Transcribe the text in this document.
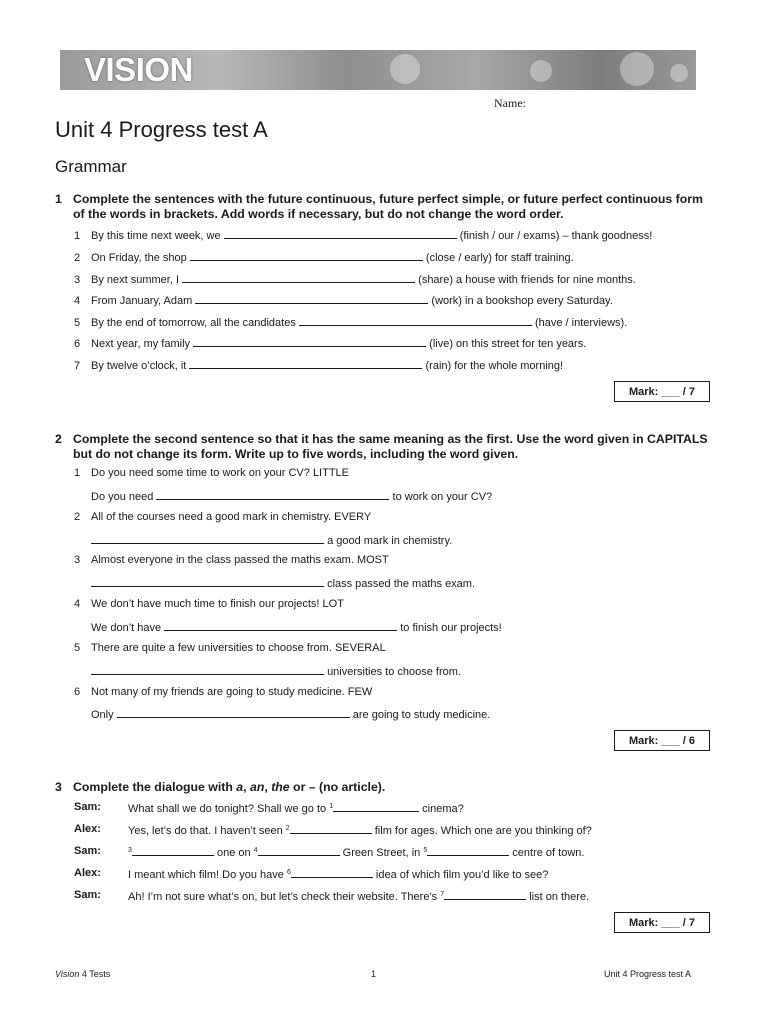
VISION
Name:
Unit 4 Progress test A
Grammar
1 Complete the sentences with the future continuous, future perfect simple, or future perfect continuous form of the words in brackets. Add words if necessary, but do not change the word order.
1 By this time next week, we	(finish / our / exams) – thank goodness!
2 On Friday, the shop	(close / early) for staff training.
3 By next summer, I	(share) a house with friends for nine months.
4 From January, Adam	(work) in a bookshop every Saturday.
5 By the end of tomorrow, all the candidates	(have / interviews).
6 Next year, my family	(live) on this street for ten years.
7 By twelve o’clock, it	(rain) for the whole morning!
Mark: ___ / 7
2 Complete the second sentence so that it has the same meaning as the first. Use the word given in CAPITALS but do not change its form. Write up to five words, including the word given.
1 Do you need some time to work on your CV? LITTLE
Do you need	to work on your CV?
2 All of the courses need a good mark in chemistry. EVERY
a good mark in chemistry.
3 Almost everyone in the class passed the maths exam. MOST
class passed the maths exam.
4 We don’t have much time to finish our projects! LOT
We don’t have	to finish our projects!
5 There are quite a few universities to choose from. SEVERAL
universities to choose from.
6 Not many of my friends are going to study medicine. FEW
Only	are going to study medicine.
Mark: ___ / 6
3 Complete the dialogue with a, an, the or – (no article).
Sam: What shall we do tonight? Shall we go to $^1$	cinema?
Alex: Yes, let’s do that. I haven’t seen $^2$	film for ages. Which one are you thinking of?
Sam:	$^3$	one on $^4$	Green Street, in $^5$	centre of town.
Alex: I meant which film! Do you have $^6$	idea of which film you’d like to see?
Sam: Ah! I’m not sure what’s on, but let’s check their website. There’s $^7$	list on there.
Mark: ___ / 7
Vision 4 Tests	1	Unit 4 Progress test A
